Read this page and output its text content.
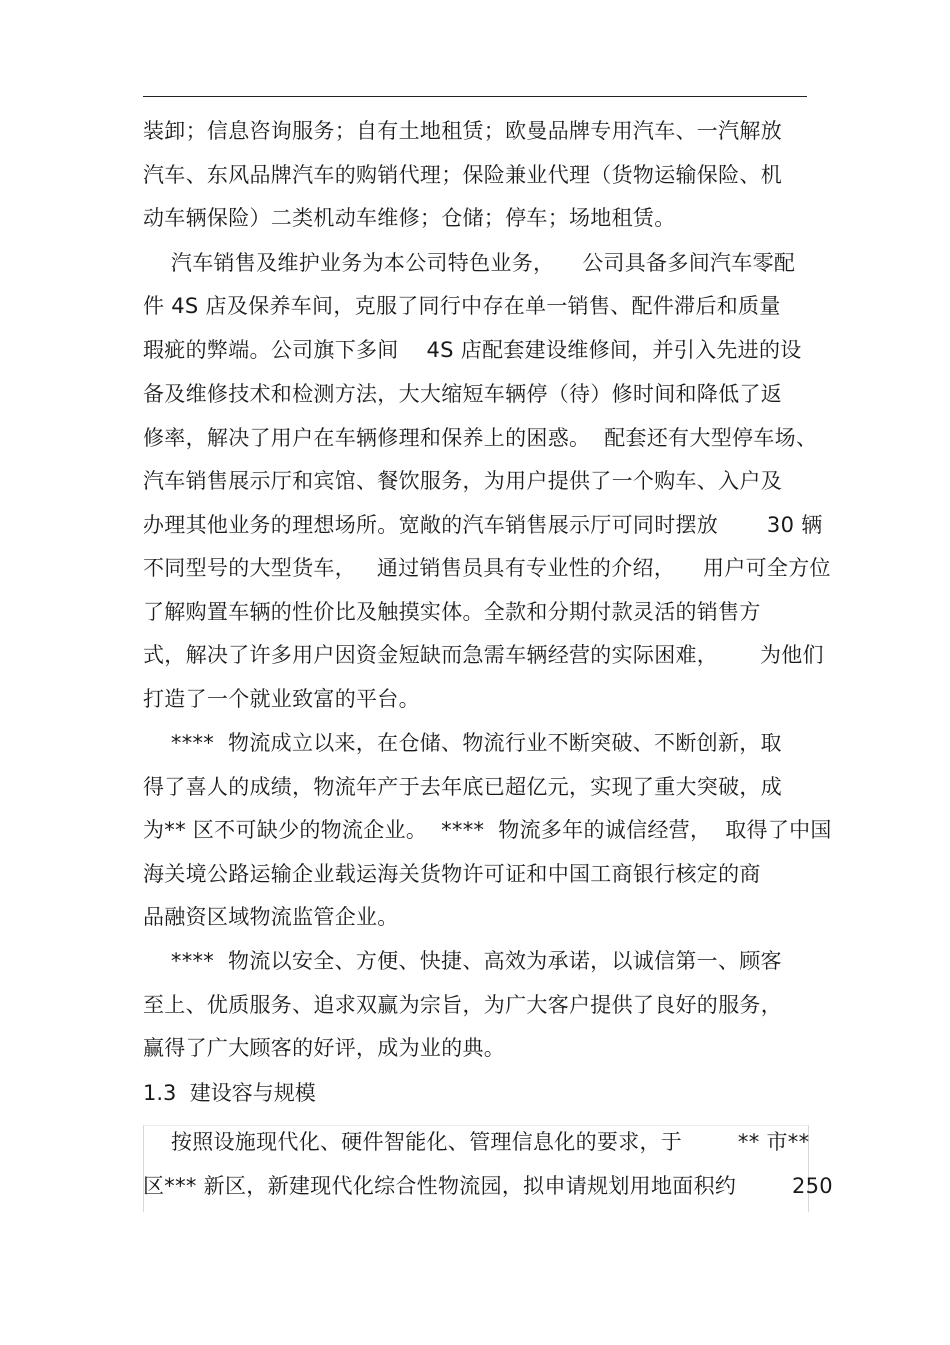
装卸；信息咨询服务；自有土地租赁；欧曼品牌专用汽车、一汽解放
汽车、东风品牌汽车的购销代理；保险兼业代理（货物运输保险、机
动车辆保险）二类机动车维修；仓储；停车；场地租赁。
汽车销售及维护业务为本公司特色业务，    公司具备多间汽车零配
件 4S 店及保养车间，克服了同行中存在单一销售、配件滞后和质量
瑕疵的弊端。公司旗下多间    4S 店配套建设维修间，并引入先进的设
备及维修技术和检测方法，大大缩短车辆停（待）修时间和降低了返
修率，解决了用户在车辆修理和保养上的困惑。  配套还有大型停车场、
汽车销售展示厅和宾馆、餐饮服务，为用户提供了一个购车、入户及
办理其他业务的理想场所。宽敞的汽车销售展示厅可同时摆放       30 辆
不同型号的大型货车，   通过销售员具有专业性的介绍，    用户可全方位
了解购置车辆的性价比及触摸实体。全款和分期付款灵活的销售方
式，解决了许多用户因资金短缺而急需车辆经营的实际困难，      为他们
打造了一个就业致富的平台。
****  物流成立以来，在仓储、物流行业不断突破、不断创新，取
得了喜人的成绩，物流年产于去年底已超亿元，实现了重大突破，成
为** 区不可缺少的物流企业。  ****  物流多年的诚信经营，  取得了中国
海关境公路运输企业载运海关货物许可证和中国工商银行核定的商
品融资区域物流监管企业。
****  物流以安全、方便、快捷、高效为承诺，以诚信第一、顾客
至上、优质服务、追求双赢为宗旨，为广大客户提供了良好的服务，
赢得了广大顾客的好评，成为业的典。
1.3  建设容与规模
按照设施现代化、硬件智能化、管理信息化的要求，于        ** 市**
区*** 新区，新建现代化综合性物流园，拟申请规划用地面积约        250
